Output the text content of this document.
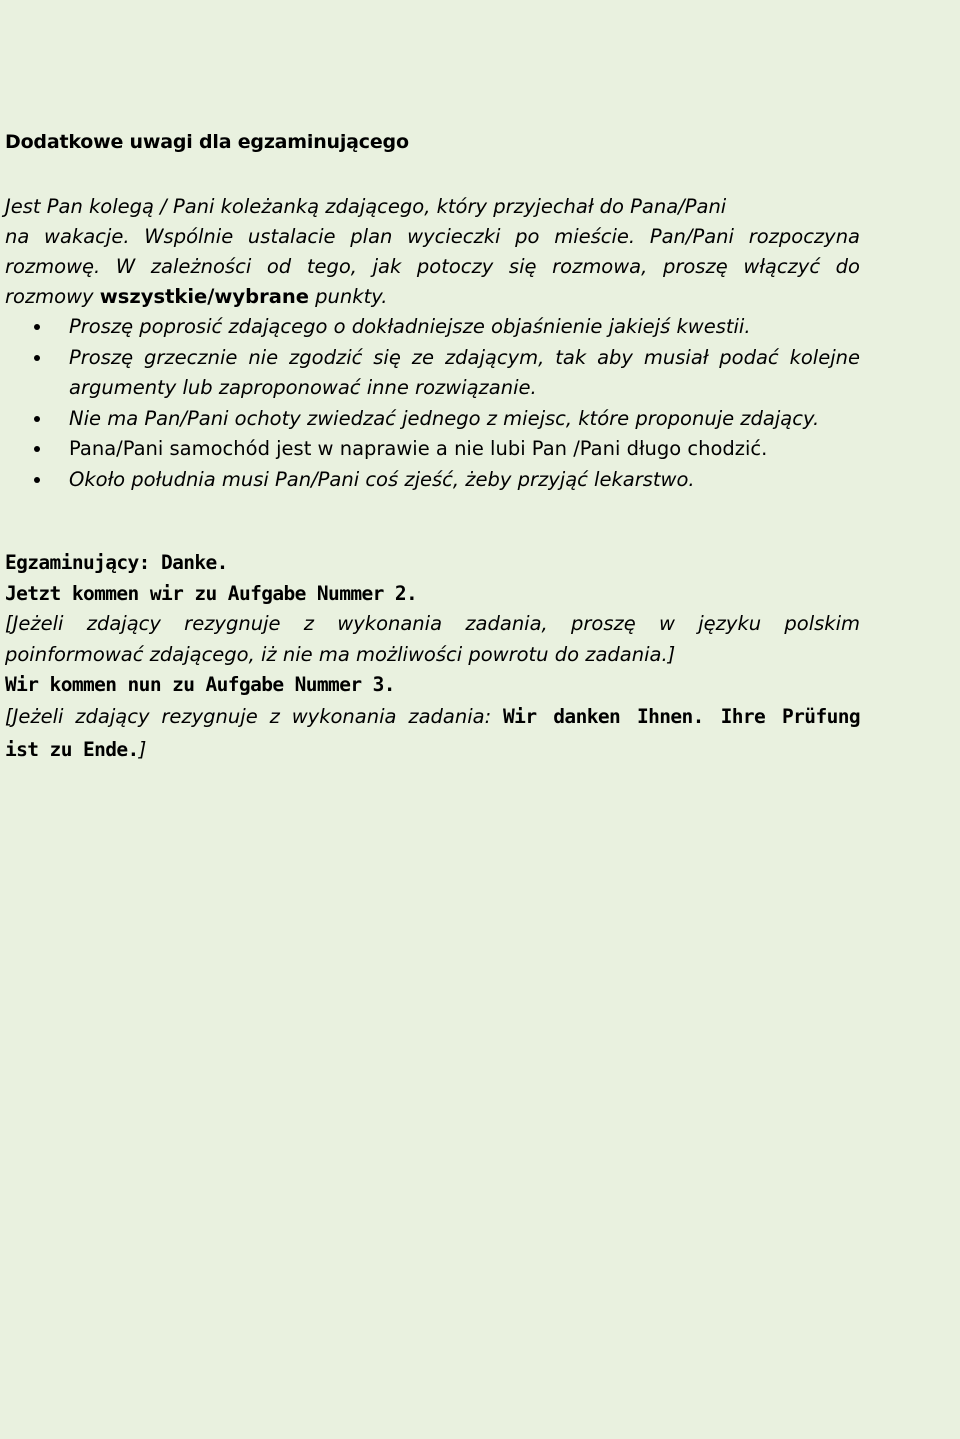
Dodatkowe uwagi dla egzaminującego
Jest Pan kolegą / Pani koleżanką zdającego, który przyjechał do Pana/Pani
na wakacje. Wspólnie ustalacie plan wycieczki po mieście. Pan/Pani rozpoczyna
rozmowę. W zależności od tego, jak potoczy się rozmowa, proszę włączyć do
rozmowy wszystkie/wybrane punkty.
Proszę poprosić zdającego o dokładniejsze objaśnienie jakiejś kwestii.
Proszę grzecznie nie zgodzić się ze zdającym, tak aby musiał podać kolejne
argumenty lub zaproponować inne rozwiązanie.
Nie ma Pan/Pani ochoty zwiedzać jednego z miejsc, które proponuje zdający.
Pana/Pani samochód jest w naprawie a nie lubi Pan /Pani długo chodzić.
Około południa musi Pan/Pani coś zjeść, żeby przyjąć lekarstwo.
Egzaminujący: Danke.
Jetzt kommen wir zu Aufgabe Nummer 2.
[Jeżeli zdający rezygnuje z wykonania zadania, proszę w języku polskim
poinformować zdającego, iż nie ma możliwości powrotu do zadania.]
Wir kommen nun zu Aufgabe Nummer 3.
[Jeżeli zdający rezygnuje z wykonania zadania: Wir danken Ihnen. Ihre Prüfung
ist zu Ende.]
